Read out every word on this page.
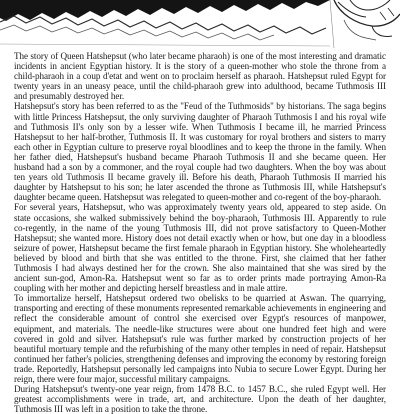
The story of Queen Hatshepsut (who later became pharaoh) is one of the most interesting and dramatic incidents in ancient Egyptian history. It is the story of a queen-mother who stole the throne from a child-pharaoh in a coup d'etat and went on to proclaim herself as pharaoh. Hatshepsut ruled Egypt for twenty years in an uneasy peace, until the child-pharaoh grew into adulthood, became Tuthmosis III and presumably destroyed her.

Hatshepsut's story has been referred to as the "Feud of the Tuthmosids" by historians. The saga begins with little Princess Hatshepsut, the only surviving daughter of Pharaoh Tuthmosis I and his royal wife and Tuthmosis II's only son by a lesser wife. When Tuthmosis I became ill, he married Princess Hatshepsut to her half-brother, Tuthmosis II. It was customary for royal brothers and sisters to marry each other in Egyptian culture to preserve royal bloodlines and to keep the throne in the family. When her father died, Hatshepsut's husband became Pharaoh Tuthmosis II and she became queen. Her husband had a son by a commoner, and the royal couple had two daughters. When the boy was about ten years old Tuthmosis II became gravely ill. Before his death, Pharaoh Tuthmosis II married his daughter by Hatshepsut to his son; he later ascended the throne as Tuthmosis III, while Hatshepsut's daughter became queen. Hatshepsut was relegated to queen-mother and co-regent of the boy-pharaoh.

For several years, Hatshepsut, who was approximately twenty years old, appeared to step aside. On state occasions, she walked submissively behind the boy-pharaoh, Tuthmosis III. Apparently to rule co-regently, in the name of the young Tuthmosis III, did not prove satisfactory to Queen-Mother Hatshepsut; she wanted more. History does not detail exactly when or how, but one day in a bloodless seizure of power, Hatshepsut became the first female pharaoh in Egyptian history. She wholeheartedly believed by blood and birth that she was entitled to the throne. First, she claimed that her father Tuthmosis I had always destined her for the crown. She also maintained that she was sired by the ancient sun-god, Amon-Ra. Hatshepsut went so far as to order prints made portraying Amon-Ra coupling with her mother and depicting herself breastless and in male attire.

To immortalize herself, Hatshepsut ordered two obelisks to be quarried at Aswan. The quarrying, transporting and erecting of these monuments represented remarkable achievements in engineering and reflect the considerable amount of control she exercised over Egypt's resources of manpower, equipment, and materials. The needle-like structures were about one hundred feet high and were covered in gold and silver. Hatshepsut's rule was further marked by construction projects of her beautiful mortuary temple and the refurbishing of the many other temples in need of repair. Hatshepsut continued her father's policies, strengthening defenses and improving the economy by restoring foreign trade. Reportedly, Hatshepsut personally led campaigns into Nubia to secure Lower Egypt. During her reign, there were four major, successful military campaigns.

During Hatshepsut's twenty-one year reign, from 1478 B.C. to 1457 B.C., she ruled Egypt well. Her greatest accomplishments were in trade, art, and architecture. Upon the death of her daughter, Tuthmosis III was left in a position to take the throne.
